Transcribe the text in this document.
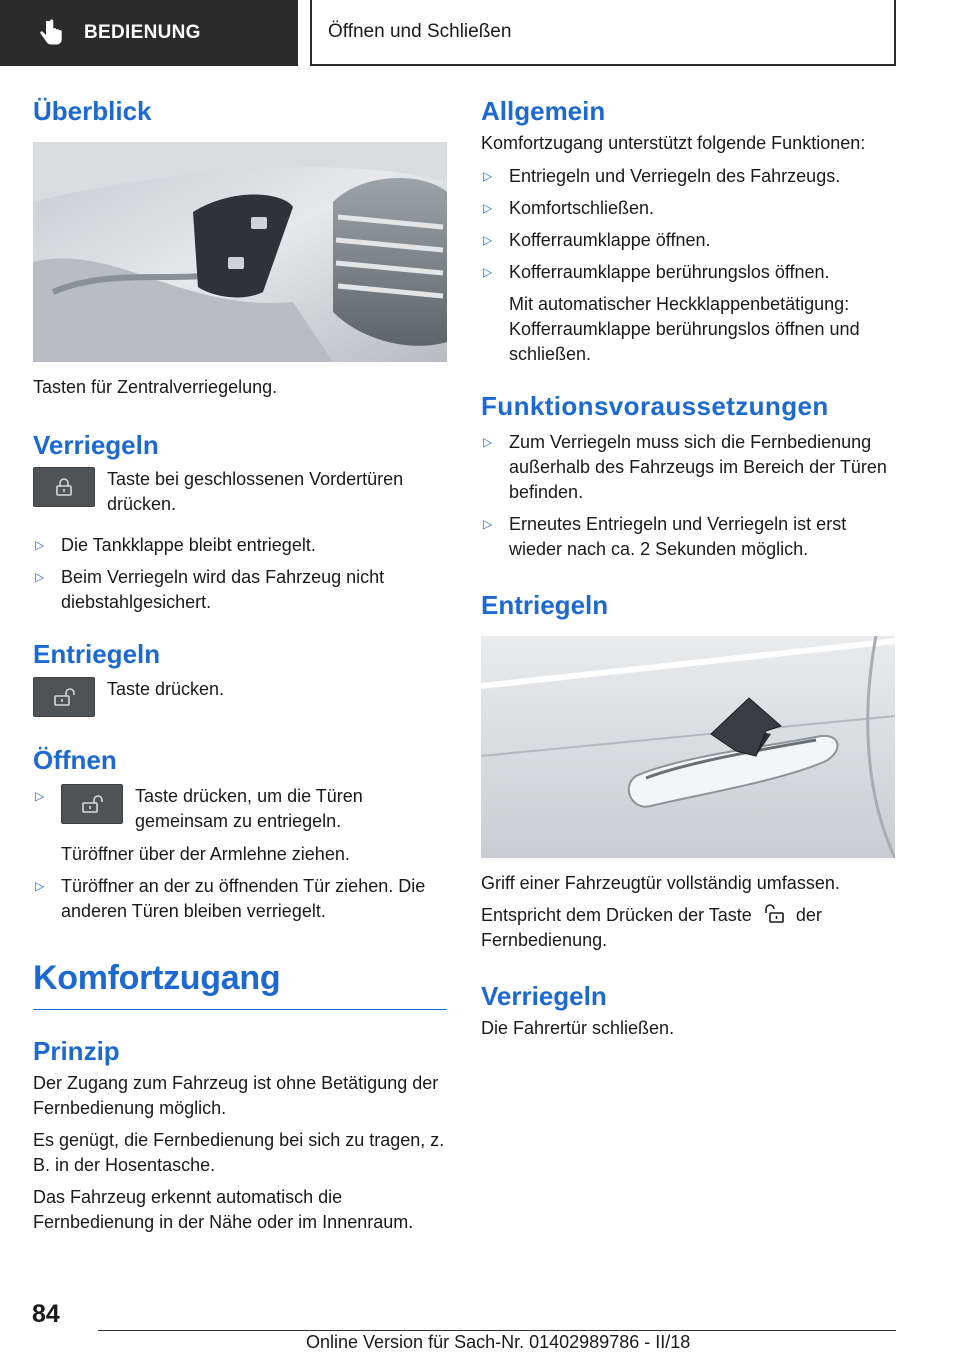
BEDIENUNG	Öffnen und Schließen
Überblick

Tasten für Zentralverriegelung.

Verriegeln

Taste bei geschlossenen Vordertüren drücken.

▷ Die Tankklappe bleibt entriegelt.

▷ Beim Verriegeln wird das Fahrzeug nicht diebstahlgesichert.

Entriegeln

Taste drücken.

Öffnen
▷	Taste drücken, um die Türen gemeinsam zu entriegeln.

Türöffner über der Armlehne ziehen.

▷ Türöffner an der zu öffnenden Tür ziehen. Die anderen Türen bleiben verriegelt.

Komfortzugang
Prinzip

Der Zugang zum Fahrzeug ist ohne Betätigung der Fernbedienung möglich.

Es genügt, die Fernbedienung bei sich zu tragen, z. B. in der Hosentasche.

Das Fahrzeug erkennt automatisch die Fernbedienung in der Nähe oder im Innenraum.

Allgemein

Komfortzugang unterstützt folgende Funktionen:

▷ Entriegeln und Verriegeln des Fahrzeugs.

▷ Komfortschließen.

▷ Kofferraumklappe öffnen.

▷ Kofferraumklappe berührungslos öffnen.

Mit automatischer Heckklappenbetätigung: Kofferraumklappe berührungslos öffnen und schließen.

Funktionsvoraussetzungen
▷ Zum Verriegeln muss sich die Fernbedienung außerhalb des Fahrzeugs im Bereich der Türen befinden.

▷ Erneutes Entriegeln und Verriegeln ist erst wieder nach ca. 2 Sekunden möglich.

Entriegeln

Griff einer Fahrzeugtür vollständig umfassen.

Entspricht dem Drücken der Taste der Fernbedienung.

Verriegeln

Die Fahrertür schließen.

84
Online Version für Sach-Nr. 01402989786 - II/18
